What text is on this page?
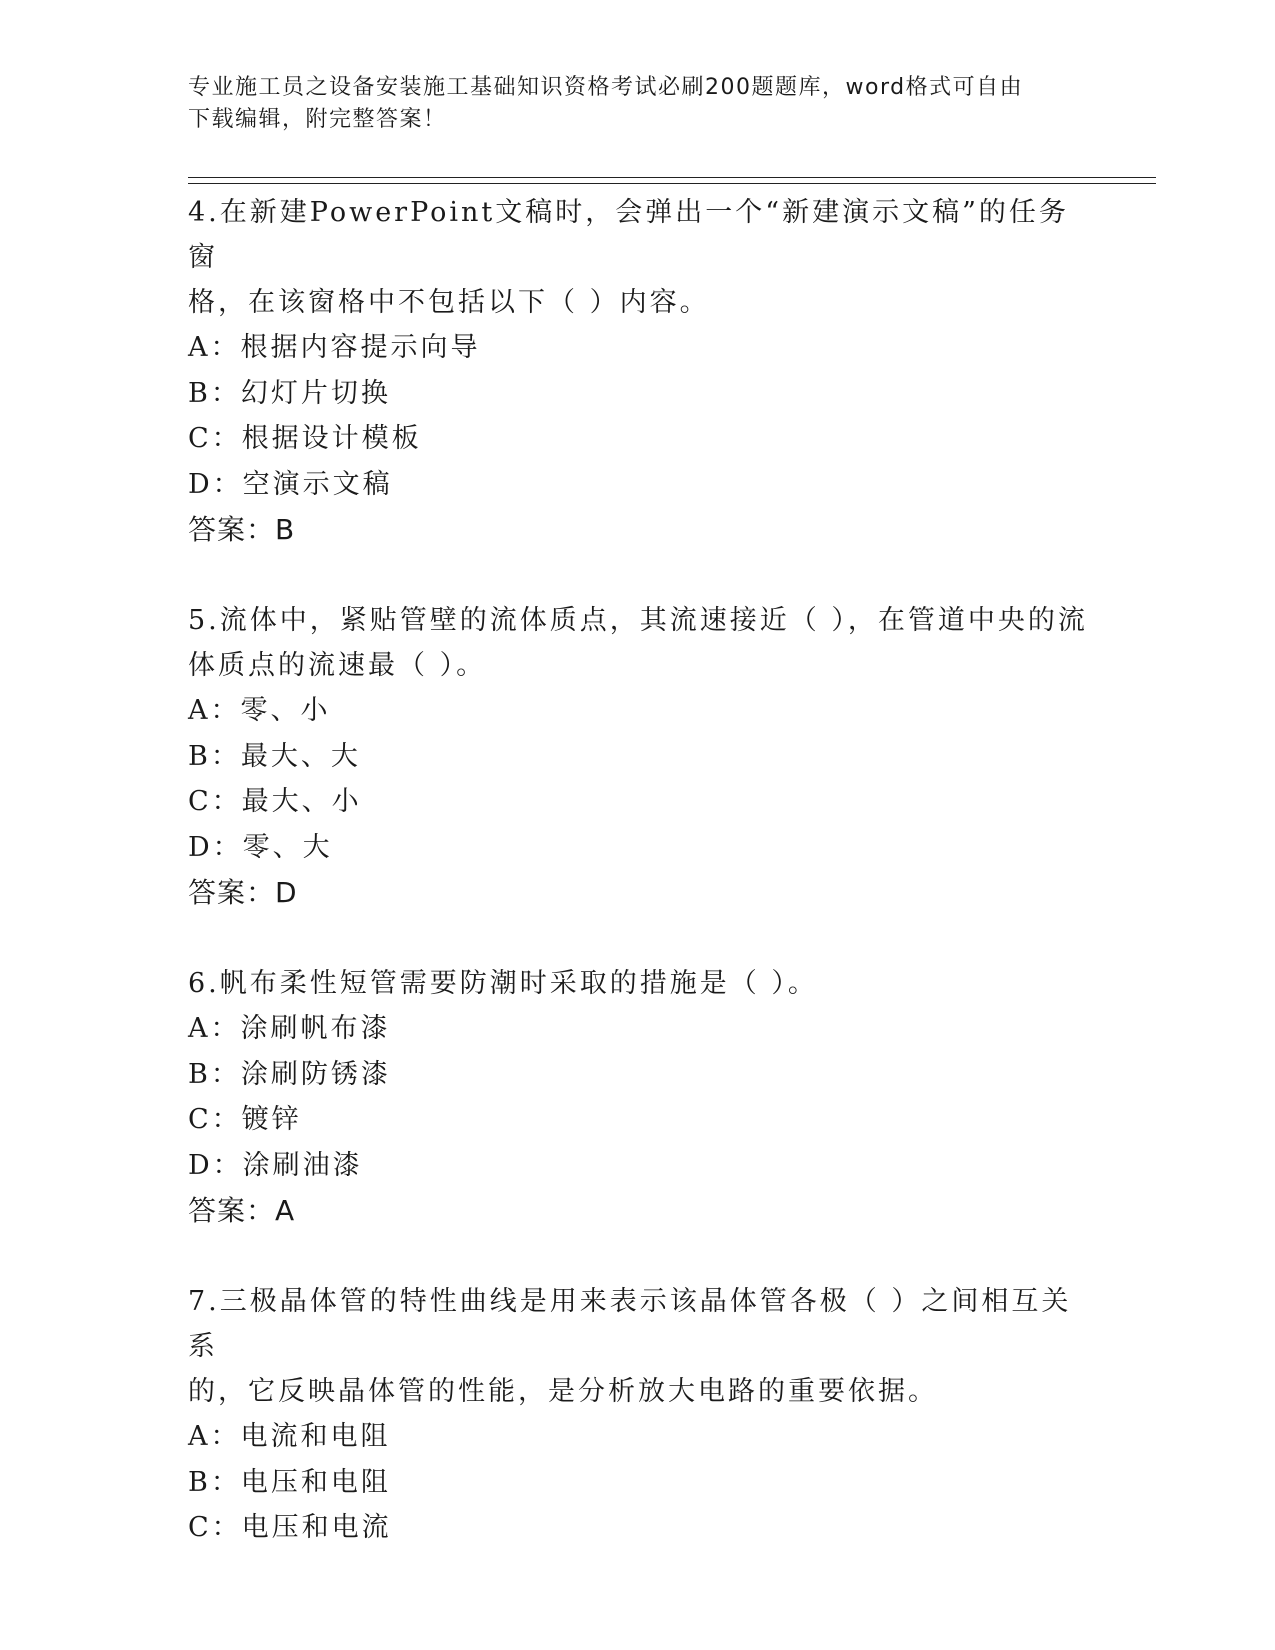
专业施工员之设备安装施工基础知识资格考试必刷200题题库，word格式可自由
下载编辑，附完整答案！

4.在新建PowerPoint文稿时，会弹出一个“新建演示文稿”的任务窗

格，在该窗格中不包括以下（ ）内容。

A：根据内容提示向导

B：幻灯片切换

C：根据设计模板

D：空演示文稿

答案：B

5.流体中，紧贴管壁的流体质点，其流速接近（ ），在管道中央的流

体质点的流速最（ ）。

A：零、小

B：最大、大

C：最大、小

D：零、大

答案：D

6.帆布柔性短管需要防潮时采取的措施是（ ）。

A：涂刷帆布漆

B：涂刷防锈漆

C：镀锌

D：涂刷油漆

答案：A

7.三极晶体管的特性曲线是用来表示该晶体管各极（ ）之间相互关系

的，它反映晶体管的性能，是分析放大电路的重要依据。

A：电流和电阻

B：电压和电阻

C：电压和电流
